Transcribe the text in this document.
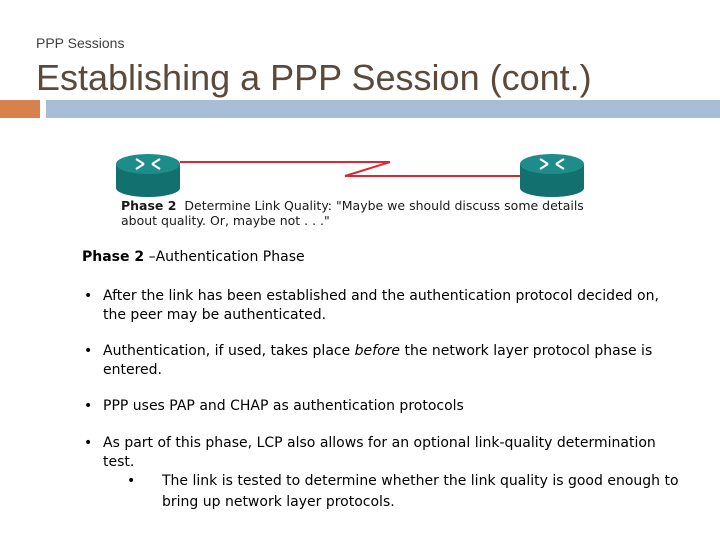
PPP Sessions
Establishing a PPP Session (cont.)
Phase 2 Determine Link Quality: "Maybe we should discuss some details about quality. Or, maybe not . . ."
Phase 2 –Authentication Phase
• After the link has been established and the authentication protocol decided on, the peer may be authenticated.
• Authentication, if used, takes place before the network layer protocol phase is entered.
• PPP uses PAP and CHAP as authentication protocols
• As part of this phase, LCP also allows for an optional link-quality determination test.
• The link is tested to determine whether the link quality is good enough to bring up network layer protocols.
